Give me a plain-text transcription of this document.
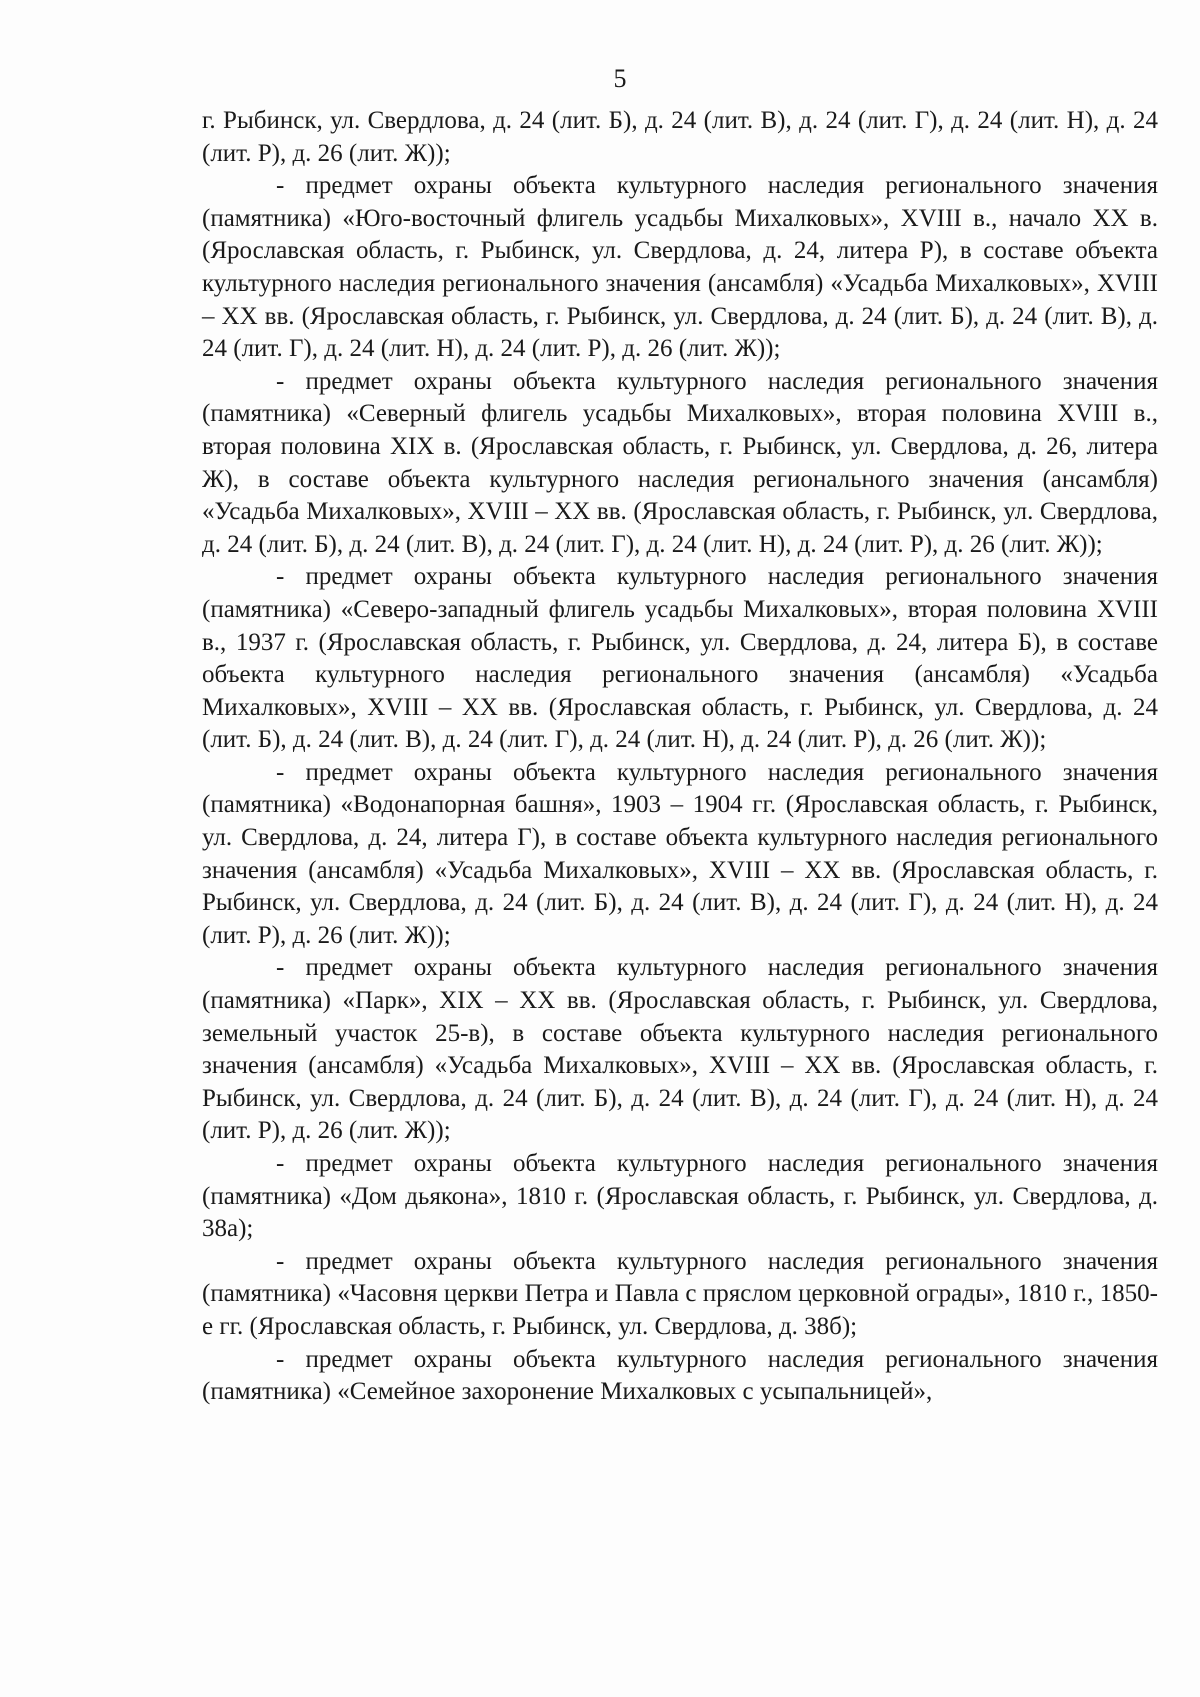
5

г. Рыбинск, ул. Свердлова, д. 24 (лит. Б), д. 24 (лит. В), д. 24 (лит. Г), д. 24 (лит. Н), д. 24 (лит. Р), д. 26 (лит. Ж));

- предмет охраны объекта культурного наследия регионального значения (памятника) «Юго-восточный флигель усадьбы Михалковых», XVIII в., начало XX в. (Ярославская область, г. Рыбинск, ул. Свердлова, д. 24, литера Р), в составе объекта культурного наследия регионального значения (ансамбля) «Усадьба Михалковых», XVIII – XX вв. (Ярославская область, г. Рыбинск, ул. Свердлова, д. 24 (лит. Б), д. 24 (лит. В), д. 24 (лит. Г), д. 24 (лит. Н), д. 24 (лит. Р), д. 26 (лит. Ж));

- предмет охраны объекта культурного наследия регионального значения (памятника) «Северный флигель усадьбы Михалковых», вторая половина XVIII в., вторая половина XIX в. (Ярославская область, г. Рыбинск, ул. Свердлова, д. 26, литера Ж), в составе объекта культурного наследия регионального значения (ансамбля) «Усадьба Михалковых», XVIII – XX вв. (Ярославская область, г. Рыбинск, ул. Свердлова, д. 24 (лит. Б), д. 24 (лит. В), д. 24 (лит. Г), д. 24 (лит. Н), д. 24 (лит. Р), д. 26 (лит. Ж));

- предмет охраны объекта культурного наследия регионального значения (памятника) «Северо-западный флигель усадьбы Михалковых», вторая половина XVIII в., 1937 г. (Ярославская область, г. Рыбинск, ул. Свердлова, д. 24, литера Б), в составе объекта культурного наследия регионального значения (ансамбля) «Усадьба Михалковых», XVIII – XX вв. (Ярославская область, г. Рыбинск, ул. Свердлова, д. 24 (лит. Б), д. 24 (лит. В), д. 24 (лит. Г), д. 24 (лит. Н), д. 24 (лит. Р), д. 26 (лит. Ж));

- предмет охраны объекта культурного наследия регионального значения (памятника) «Водонапорная башня», 1903 – 1904 гг. (Ярославская область, г. Рыбинск, ул. Свердлова, д. 24, литера Г), в составе объекта культурного наследия регионального значения (ансамбля) «Усадьба Михалковых», XVIII – XX вв. (Ярославская область, г. Рыбинск, ул. Свердлова, д. 24 (лит. Б), д. 24 (лит. В), д. 24 (лит. Г), д. 24 (лит. Н), д. 24 (лит. Р), д. 26 (лит. Ж));

- предмет охраны объекта культурного наследия регионального значения (памятника) «Парк», XIX – XX вв. (Ярославская область, г. Рыбинск, ул. Свердлова, земельный участок 25-в), в составе объекта культурного наследия регионального значения (ансамбля) «Усадьба Михалковых», XVIII – XX вв. (Ярославская область, г. Рыбинск, ул. Свердлова, д. 24 (лит. Б), д. 24 (лит. В), д. 24 (лит. Г), д. 24 (лит. Н), д. 24 (лит. Р), д. 26 (лит. Ж));

- предмет охраны объекта культурного наследия регионального значения (памятника) «Дом дьякона», 1810 г. (Ярославская область, г. Рыбинск, ул. Свердлова, д. 38а);

- предмет охраны объекта культурного наследия регионального значения (памятника) «Часовня церкви Петра и Павла с пряслом церковной ограды», 1810 г., 1850-е гг. (Ярославская область, г. Рыбинск, ул. Свердлова, д. 38б);

- предмет охраны объекта культурного наследия регионального значения (памятника) «Семейное захоронение Михалковых с усыпальницей»,
